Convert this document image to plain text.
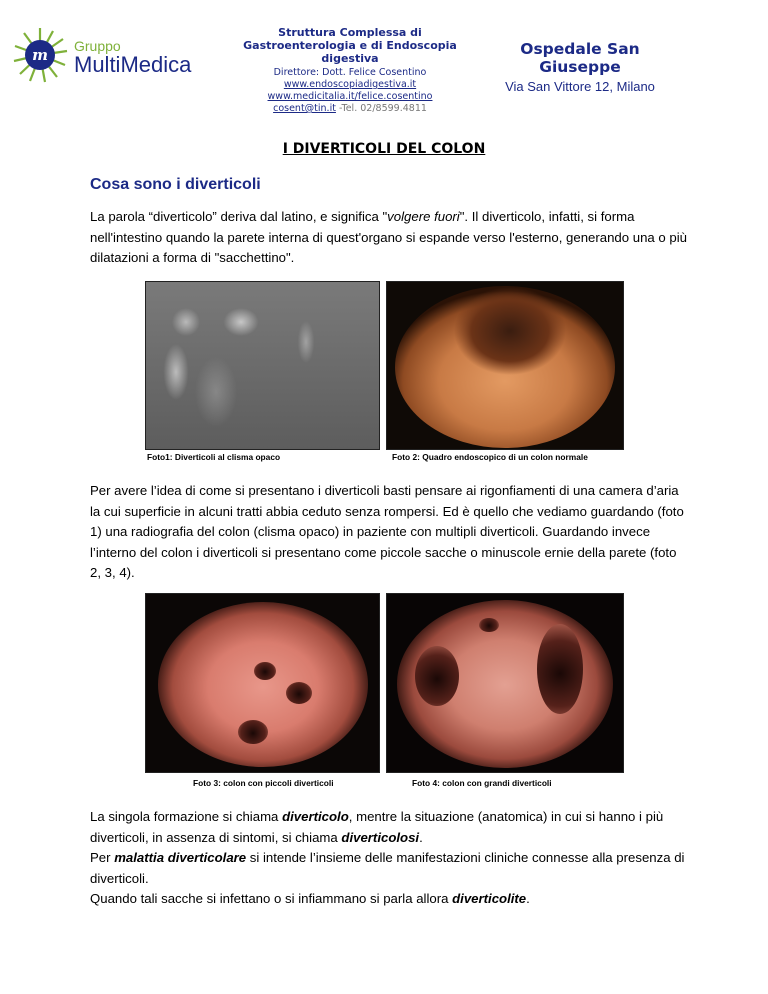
m Gruppo
MultiMedica
Struttura Complessa di Gastroenterologia e di Endoscopia digestiva
Direttore: Dott. Felice Cosentino
www.endoscopiadigestiva.it
www.medicitalia.it/felice.cosentino
cosent@tin.it -Tel. 02/8599.4811
Ospedale San Giuseppe
Via San Vittore 12, Milano
I DIVERTICOLI DEL COLON
Cosa sono i diverticoli
La parola “diverticolo” deriva dal latino, e significa "volgere fuori". Il diverticolo, infatti, si forma nell'intestino quando la parete interna di quest'organo si espande verso l'esterno, generando una o più dilatazioni a forma di "sacchettino".

Foto1: Diverticoli al clisma opaco	Foto 2: Quadro endoscopico di un colon normale
Per avere l’idea di come si presentano i diverticoli basti pensare ai rigonfiamenti di una camera d’aria la cui superficie in alcuni tratti abbia ceduto senza rompersi. Ed è quello che vediamo guardando (foto 1) una radiografia del colon (clisma opaco) in paziente con multipli diverticoli. Guardando invece l’interno del colon i diverticoli si presentano come piccole sacche o minuscole ernie della parete (foto 2, 3, 4).
Foto 3: colon con piccoli diverticoli	Foto 4: colon con grandi diverticoli
La singola formazione si chiama diverticolo, mentre la situazione (anatomica) in cui si hanno i più diverticoli, in assenza di sintomi, si chiama diverticolosi.
Per malattia diverticolare si intende l’insieme delle manifestazioni cliniche connesse alla presenza di diverticoli.
Quando tali sacche si infettano o si infiammano si parla allora diverticolite.
